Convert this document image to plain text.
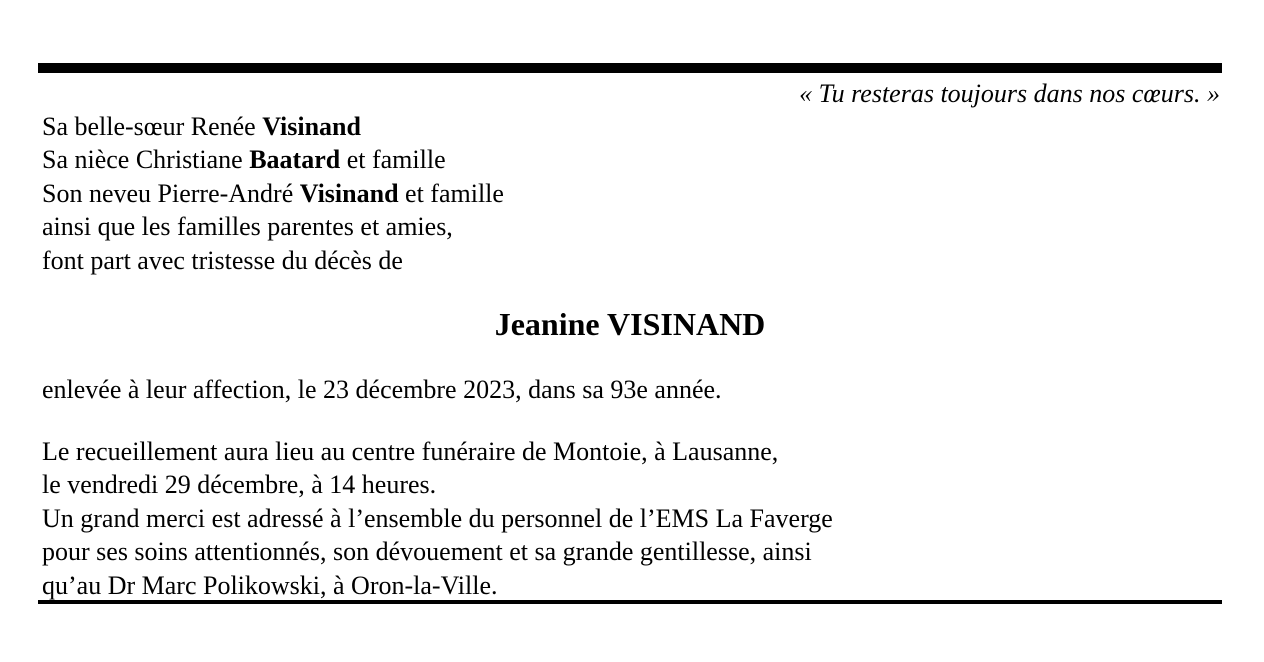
« Tu resteras toujours dans nos cœurs. »
Sa belle-sœur Renée Visinand
Sa nièce Christiane Baatard et famille
Son neveu Pierre-André Visinand et famille
ainsi que les familles parentes et amies,
font part avec tristesse du décès de
Jeanine VISINAND
enlevée à leur affection, le 23 décembre 2023, dans sa 93e année.
Le recueillement aura lieu au centre funéraire de Montoie, à Lausanne,
le vendredi 29 décembre, à 14 heures.
Un grand merci est adressé à l’ensemble du personnel de l’EMS La Faverge
pour ses soins attentionnés, son dévouement et sa grande gentillesse, ainsi
qu’au Dr Marc Polikowski, à Oron-la-Ville.
